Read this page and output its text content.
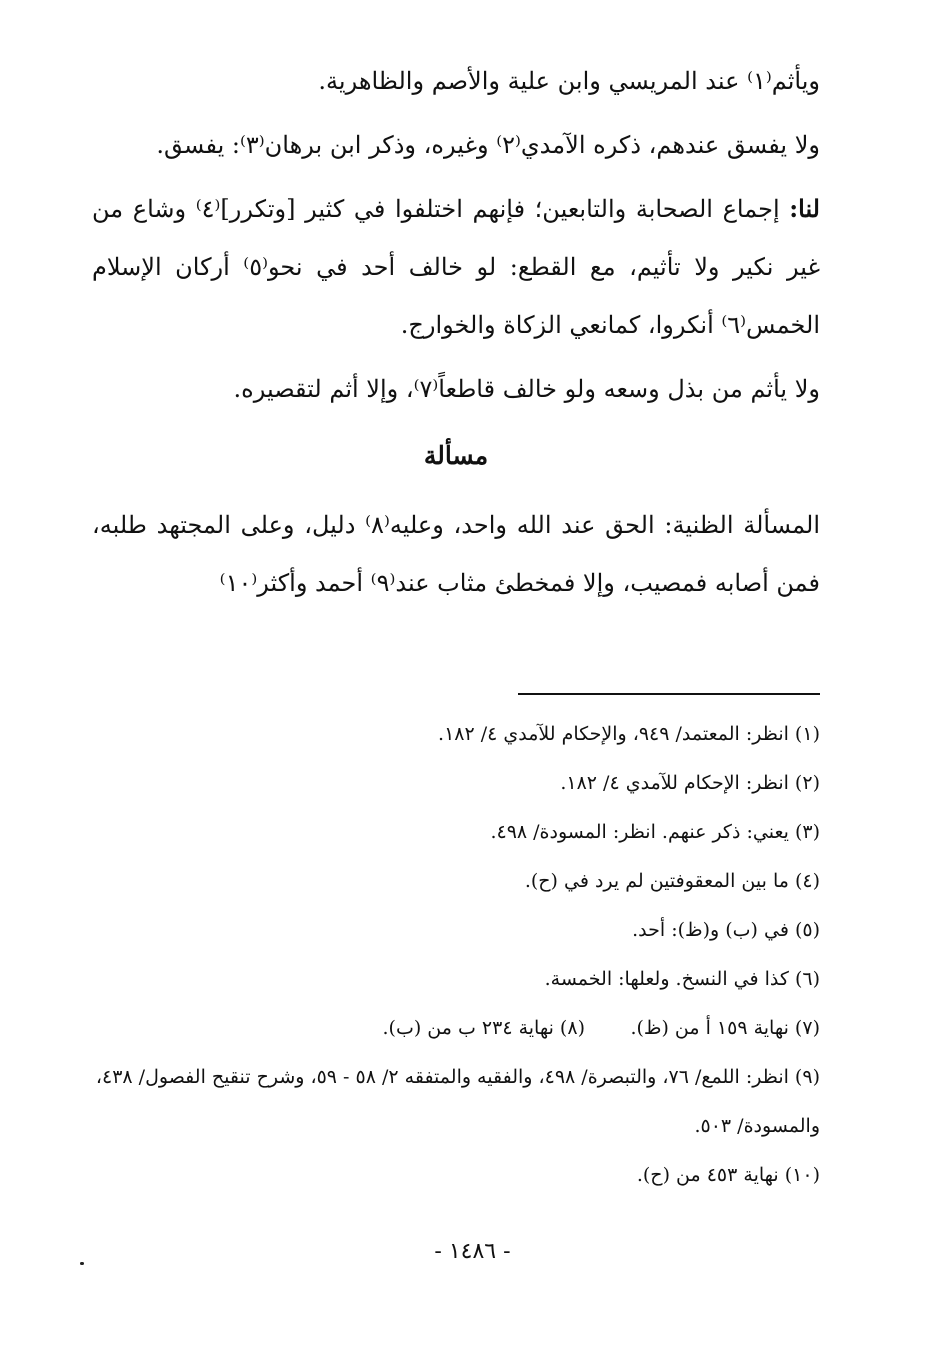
ويأثم⁽١⁾ عند المريسي وابن علية والأصم والظاهرية.

ولا يفسق عندهم، ذكره الآمدي⁽٢⁾ وغيره، وذكر ابن برهان⁽٣⁾: يفسق.

لنا: إجماع الصحابة والتابعين؛ فإنهم اختلفوا في كثير [وتكرر]⁽٤⁾ وشاع من غير نكير ولا تأثيم، مع القطع: لو خالف أحد في نحو⁽٥⁾ أركان الإسلام الخمس⁽٦⁾ أنكروا، كمانعي الزكاة والخوارج.

ولا يأثم من بذل وسعه ولو خالف قاطعاً⁽٧⁾، وإلا أثم لتقصيره.

مسألة

المسألة الظنية: الحق عند الله واحد، وعليه⁽٨⁾ دليل، وعلى المجتهد طلبه، فمن أصابه فمصيب، وإلا فمخطئ مثاب عند⁽٩⁾ أحمد وأكثر⁽١٠⁾

(١) انظر: المعتمد/ ٩٤٩، والإحكام للآمدي ٤/ ١٨٢.

(٢) انظر: الإحكام للآمدي ٤/ ١٨٢.

(٣) يعني: ذكر عنهم. انظر: المسودة/ ٤٩٨.

(٤) ما بين المعقوفتين لم يرد في (ح).

(٥) في (ب) و(ظ): أحد.

(٦) كذا في النسخ. ولعلها: الخمسة.

(٧) نهاية ١٥٩ أ من (ظ).
(٨) نهاية ٢٣٤ ب من (ب).

(٩) انظر: اللمع/ ٧٦، والتبصرة/ ٤٩٨، والفقيه والمتفقه ٢/ ٥٨ - ٥٩، وشرح تنقيح الفصول/ ٤٣٨، والمسودة/ ٥٠٣.

(١٠) نهاية ٤٥٣ من (ح).

- ١٤٨٦ -
